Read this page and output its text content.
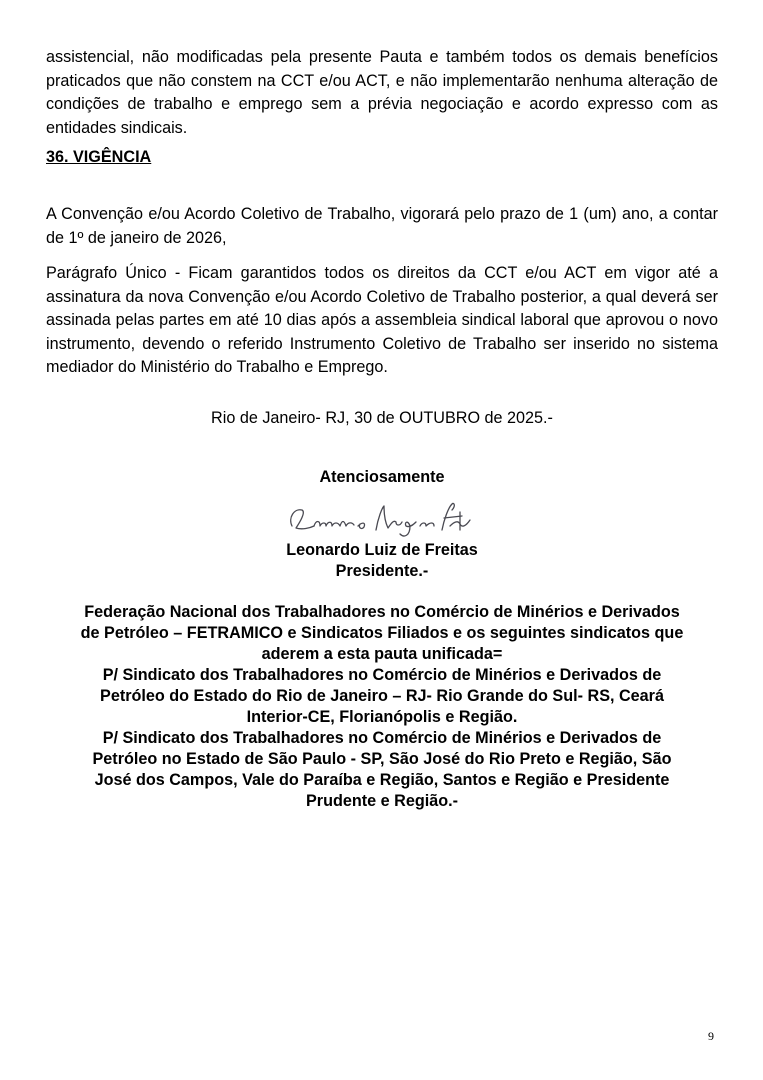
assistencial, não modificadas pela presente Pauta e também todos os demais benefícios praticados que não constem na CCT e/ou ACT, e não implementarão nenhuma alteração de condições de trabalho e emprego sem a prévia negociação e acordo expresso com as entidades sindicais.

36. VIGÊNCIA

A Convenção e/ou Acordo Coletivo de Trabalho, vigorará pelo prazo de 1 (um) ano, a contar de 1º de janeiro de 2026,

Parágrafo Único - Ficam garantidos todos os direitos da CCT e/ou ACT em vigor até a assinatura da nova Convenção e/ou Acordo Coletivo de Trabalho posterior, a qual deverá ser assinada pelas partes em até 10 dias após a assembleia sindical laboral que aprovou o novo instrumento, devendo o referido Instrumento Coletivo de Trabalho ser inserido no sistema mediador do Ministério do Trabalho e Emprego.

Rio de Janeiro- RJ, 30 de OUTUBRO de 2025.-

Atenciosamente

Leonardo Luiz de Freitas
Presidente.-
Federação Nacional dos Trabalhadores no Comércio de Minérios e Derivados
de Petróleo – FETRAMICO e Sindicatos Filiados e os seguintes sindicatos que
aderem a esta pauta unificada=
P/ Sindicato dos Trabalhadores no Comércio de Minérios e Derivados de
Petróleo do Estado do Rio de Janeiro – RJ- Rio Grande do Sul- RS, Ceará
Interior-CE, Florianópolis e Região.
P/ Sindicato dos Trabalhadores no Comércio de Minérios e Derivados de
Petróleo no Estado de São Paulo - SP, São José do Rio Preto e Região, São
José dos Campos, Vale do Paraíba e Região, Santos e Região e Presidente
Prudente e Região.-
9
